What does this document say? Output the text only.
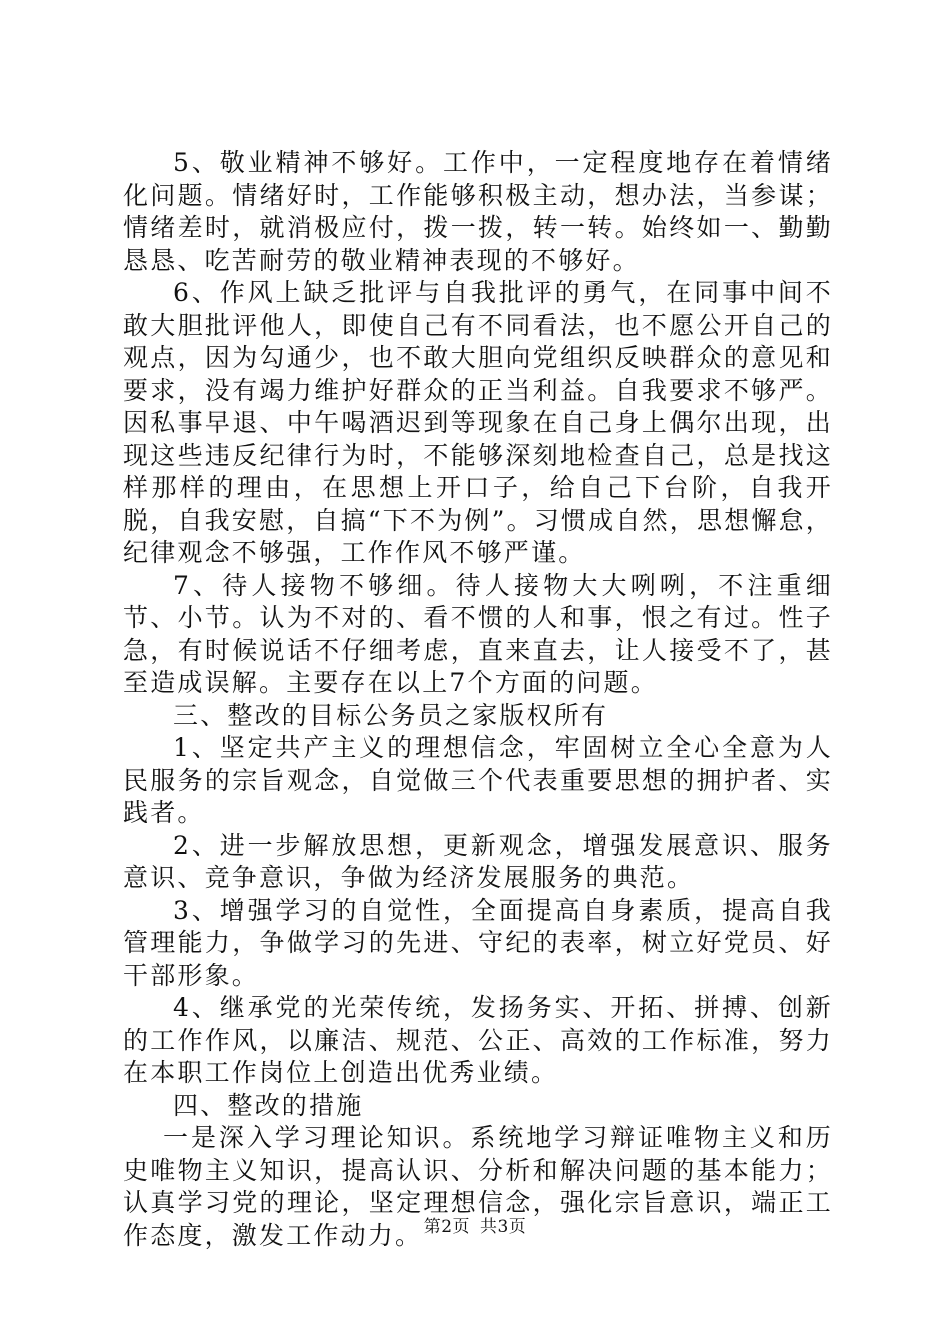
5、敬业精神不够好。工作中，一定程度地存在着情绪化问题。情绪好时，工作能够积极主动，想办法，当参谋；情绪差时，就消极应付，拨一拨，转一转。始终如一、勤勤恳恳、吃苦耐劳的敬业精神表现的不够好。

6、作风上缺乏批评与自我批评的勇气，在同事中间不敢大胆批评他人，即使自己有不同看法，也不愿公开自己的观点，因为勾通少，也不敢大胆向党组织反映群众的意见和要求，没有竭力维护好群众的正当利益。自我要求不够严。因私事早退、中午喝酒迟到等现象在自己身上偶尔出现，出现这些违反纪律行为时，不能够深刻地检查自己，总是找这样那样的理由，在思想上开口子，给自己下台阶，自我开脱，自我安慰，自搞“下不为例”。习惯成自然，思想懈怠，纪律观念不够强，工作作风不够严谨。

7、待人接物不够细。待人接物大大咧咧，不注重细节、小节。认为不对的、看不惯的人和事，恨之有过。性子急，有时候说话不仔细考虑，直来直去，让人接受不了，甚至造成误解。主要存在以上7个方面的问题。

三、整改的目标公务员之家版权所有

1、坚定共产主义的理想信念，牢固树立全心全意为人民服务的宗旨观念，自觉做三个代表重要思想的拥护者、实践者。

2、进一步解放思想，更新观念，增强发展意识、服务意识、竞争意识，争做为经济发展服务的典范。

3、增强学习的自觉性，全面提高自身素质，提高自我管理能力，争做学习的先进、守纪的表率，树立好党员、好干部形象。

4、继承党的光荣传统，发扬务实、开拓、拼搏、创新的工作作风，以廉洁、规范、公正、高效的工作标准，努力在本职工作岗位上创造出优秀业绩。

四、整改的措施

一是深入学习理论知识。系统地学习辩证唯物主义和历史唯物主义知识，提高认识、分析和解决问题的基本能力；认真学习党的理论，坚定理想信念，强化宗旨意识，端正工作态度，激发工作动力。 第2页 共3页
